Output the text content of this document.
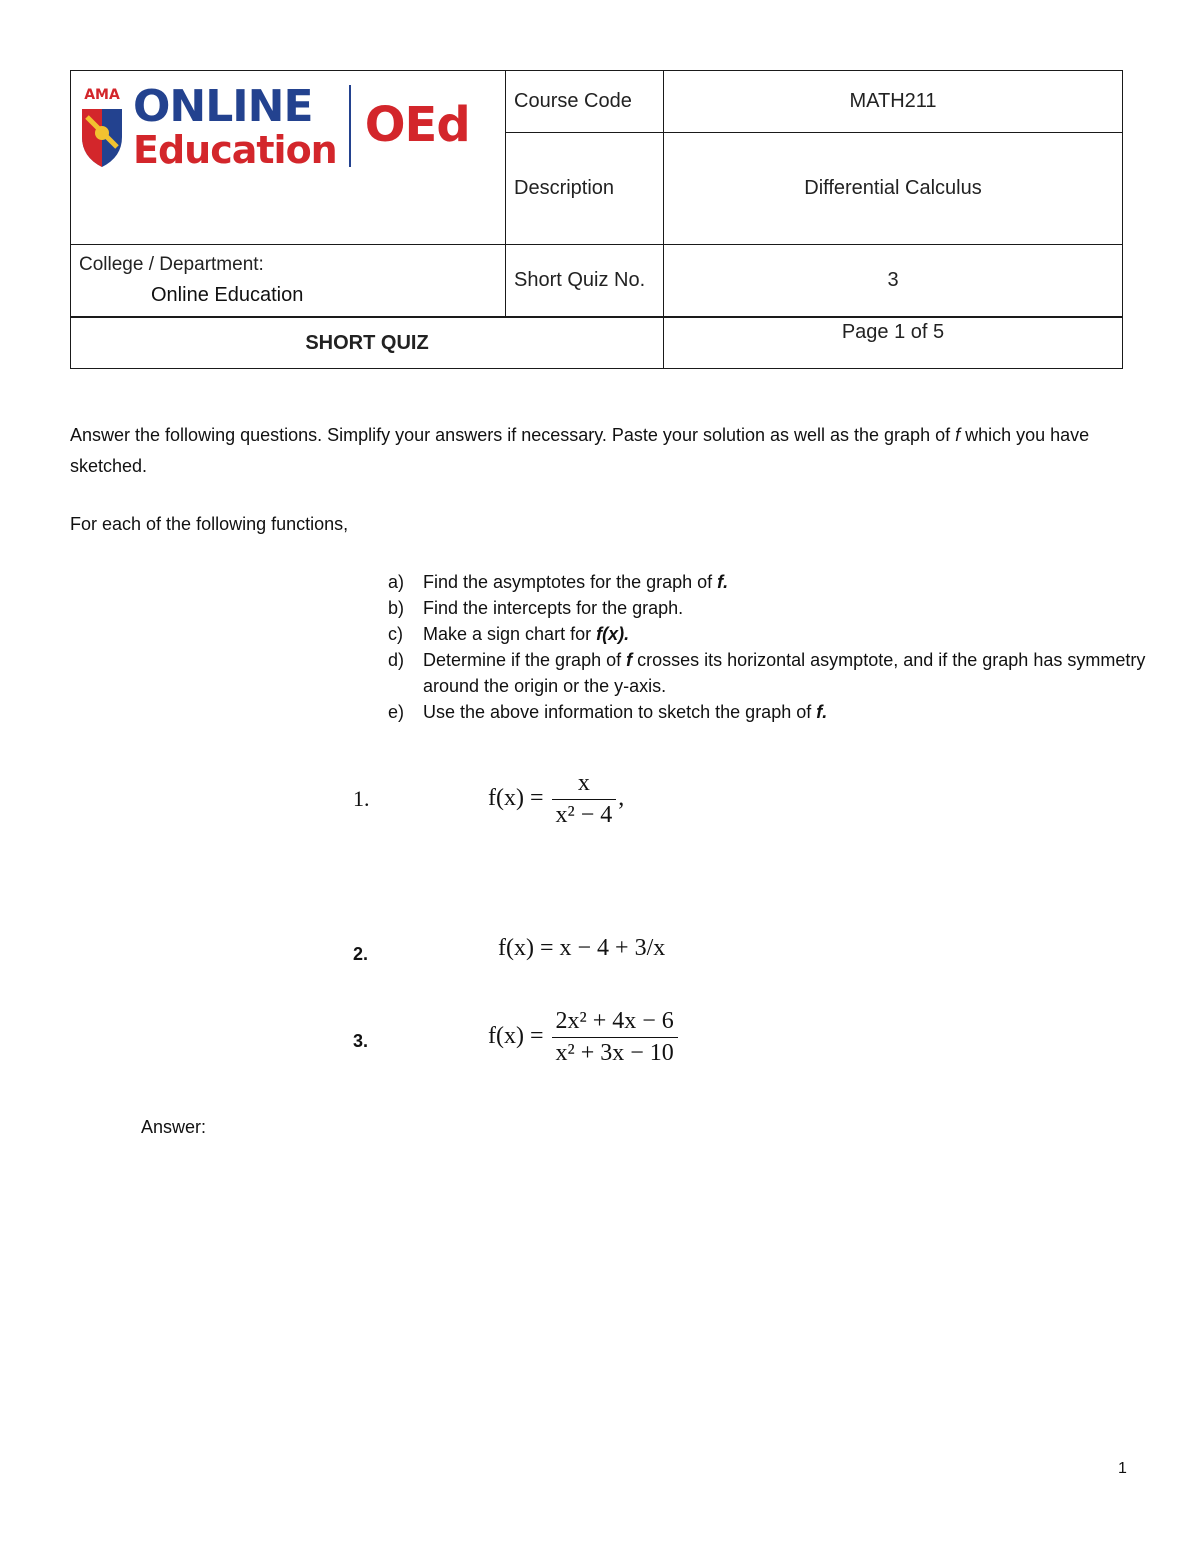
AMA ONLINE
Education OEd	Course Code	MATH211
	Description	Differential Calculus

College / Department:
Online Education	Short Quiz No.	3
SHORT QUIZ		Page 1 of 5
Answer the following questions. Simplify your answers if necessary. Paste your solution as well as the graph of f which you have sketched.
For each of the following functions,
a)	Find the asymptotes for the graph of f.
b)	Find the intercepts for the graph.
c)	Make a sign chart for f(x).
d)	Determine if the graph of f crosses its horizontal asymptote, and if the graph has symmetry around the origin or the y-axis.
e)	Use the above information to sketch the graph of f.
1.	$f(x) = \frac{x}{\text{x² − 4}}$ ,
2.	f(x) = x − 4 + 3/x
3.	$f(x) = \frac{\text{2x² + 4x − 6}}{\text{x² + 3x − 10}}$
Answer:
1
